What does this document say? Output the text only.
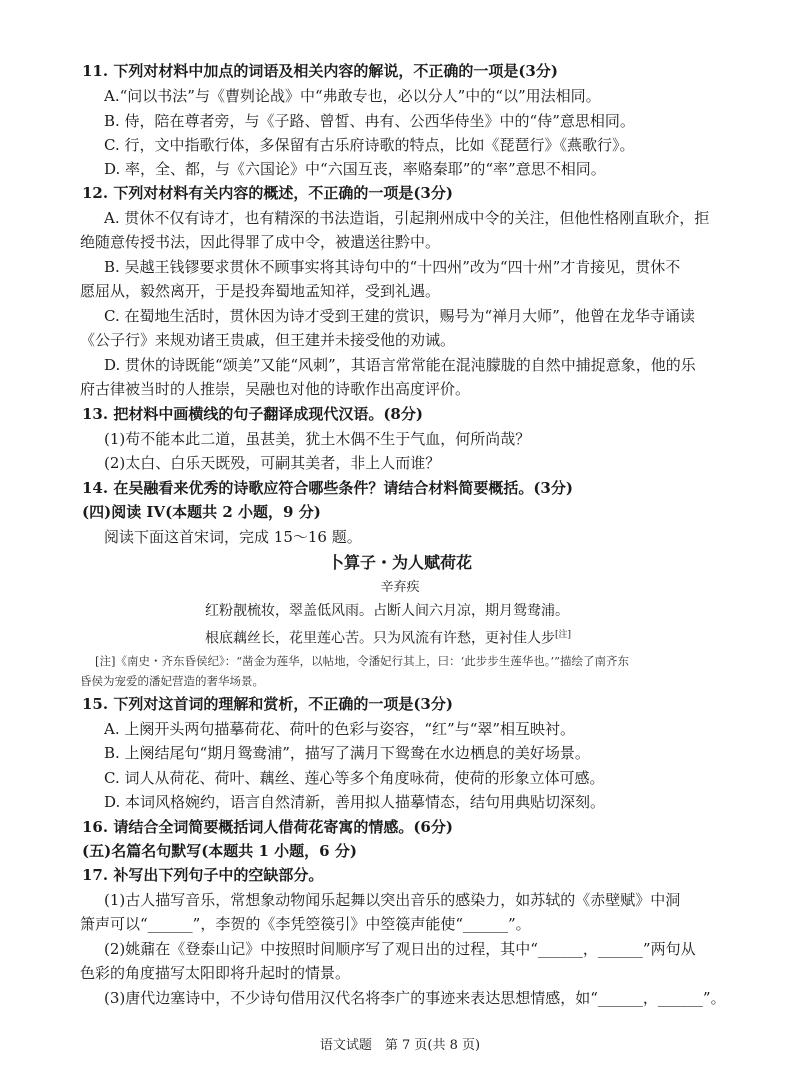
11. 下列对材料中加点的词语及相关内容的解说，不正确的一项是(3分)
A.“问以书法”与《曹刿论战》中“弗敢专也，必以分人”中的“以”用法相同。
B. 侍，陪在尊者旁，与《子路、曾皙、冉有、公西华侍坐》中的“侍”意思相同。
C. 行，文中指歌行体，多保留有古乐府诗歌的特点，比如《琵琶行》《燕歌行》。
D. 率，全、都，与《六国论》中“六国互丧，率赂秦耶”的“率”意思不相同。
12. 下列对材料有关内容的概述，不正确的一项是(3分)
A. 贯休不仅有诗才，也有精深的书法造诣，引起荆州成中令的关注，但他性格刚直耿介，拒
绝随意传授书法，因此得罪了成中令，被遣送往黔中。
B. 吴越王钱镠要求贯休不顾事实将其诗句中的“十四州”改为“四十州”才肯接见，贯休不
愿屈从，毅然离开，于是投奔蜀地孟知祥，受到礼遇。
C. 在蜀地生活时，贯休因为诗才受到王建的赏识，赐号为“禅月大师”，他曾在龙华寺诵读
《公子行》来规劝诸王贵戚，但王建并未接受他的劝诫。
D. 贯休的诗既能“颂美”又能“风刺”，其语言常常能在混沌朦胧的自然中捕捉意象，他的乐
府古律被当时的人推崇，吴融也对他的诗歌作出高度评价。
13. 把材料中画横线的句子翻译成现代汉语。(8分)
(1)苟不能本此二道，虽甚美，犹土木偶不生于气血，何所尚哉？
(2)太白、白乐天既殁，可嗣其美者，非上人而谁？
14. 在吴融看来优秀的诗歌应符合哪些条件？请结合材料简要概括。(3分)
(四)阅读 IV(本题共 2 小题，9 分)
阅读下面这首宋词，完成 15～16 题。
卜算子・为人赋荷花
辛弃疾
红粉靓梳妆，翠盖低风雨。占断人间六月凉，期月鸳鸯浦。
根底藕丝长，花里莲心苦。只为风流有许愁，更衬佳人步[注]
[注]《南史・齐东昏侯纪》：“凿金为莲华，以帖地，令潘妃行其上，曰：‘此步步生莲华也。’”描绘了南齐东
昏侯为宠爱的潘妃营造的奢华场景。
15. 下列对这首词的理解和赏析，不正确的一项是(3分)
A. 上阕开头两句描摹荷花、荷叶的色彩与姿容，“红”与“翠”相互映衬。
B. 上阕结尾句“期月鸳鸯浦”，描写了满月下鸳鸯在水边栖息的美好场景。
C. 词人从荷花、荷叶、藕丝、莲心等多个角度咏荷，使荷的形象立体可感。
D. 本词风格婉约，语言自然清新，善用拟人描摹情态，结句用典贴切深刻。
16. 请结合全词简要概括词人借荷花寄寓的情感。(6分)
(五)名篇名句默写(本题共 1 小题，6 分)
17. 补写出下列句子中的空缺部分。
(1)古人描写音乐，常想象动物闻乐起舞以突出音乐的感染力，如苏轼的《赤壁赋》中洞
箫声可以“______”，李贺的《李凭箜篌引》中箜篌声能使“______”。
(2)姚鼐在《登泰山记》中按照时间顺序写了观日出的过程，其中“______，______”两句从
色彩的角度描写太阳即将升起时的情景。
(3)唐代边塞诗中，不少诗句借用汉代名将李广的事迹来表达思想情感，如“______，______”。
语文试题　第 7 页(共 8 页)
